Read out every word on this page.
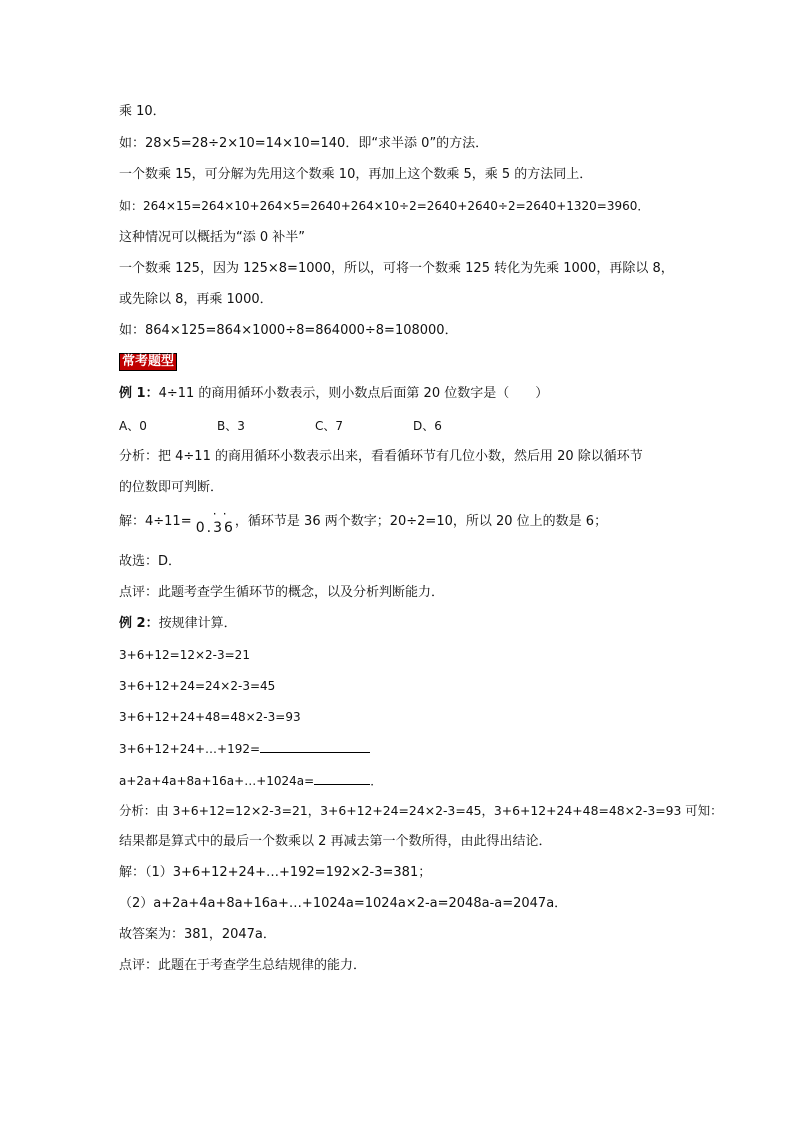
乘 10．
如：28×5=28÷2×10=14×10=140．即“求半添 0”的方法．
一个数乘 15，可分解为先用这个数乘 10，再加上这个数乘 5，乘 5 的方法同上．
如：264×15=264×10+264×5=2640+264×10÷2=2640+2640÷2=2640+1320=3960．
这种情况可以概括为“添 0 补半”
一个数乘 125，因为 125×8=1000，所以，可将一个数乘 125 转化为先乘 1000，再除以 8，
或先除以 8，再乘 1000．
如：864×125=864×1000÷8=864000÷8=108000．
常考题型
例 1：4÷11 的商用循环小数表示，则小数点后面第 20 位数字是（　　）
A、0	B、3	C、7	D、6
分析：把 4÷11 的商用循环小数表示出来，看看循环节有几位小数，然后用 20 除以循环节
的位数即可判断．
解：4÷11= · ·
0.36，循环节是 36 两个数字；20÷2=10，所以 20 位上的数是 6；
故选：D．
点评：此题考查学生循环节的概念，以及分析判断能力．
例 2：按规律计算．
3+6+12=12×2-3=21
3+6+12+24=24×2-3=45
3+6+12+24+48=48×2-3=93
3+6+12+24+…+192=
a+2a+4a+8a+16a+…+1024a=	．
分析：由 3+6+12=12×2-3=21，3+6+12+24=24×2-3=45，3+6+12+24+48=48×2-3=93 可知：
结果都是算式中的最后一个数乘以 2 再减去第一个数所得，由此得出结论．
解：（1）3+6+12+24+…+192=192×2-3=381；
（2）a+2a+4a+8a+16a+…+1024a=1024a×2-a=2048a-a=2047a．
故答案为：381，2047a．
点评：此题在于考查学生总结规律的能力．
